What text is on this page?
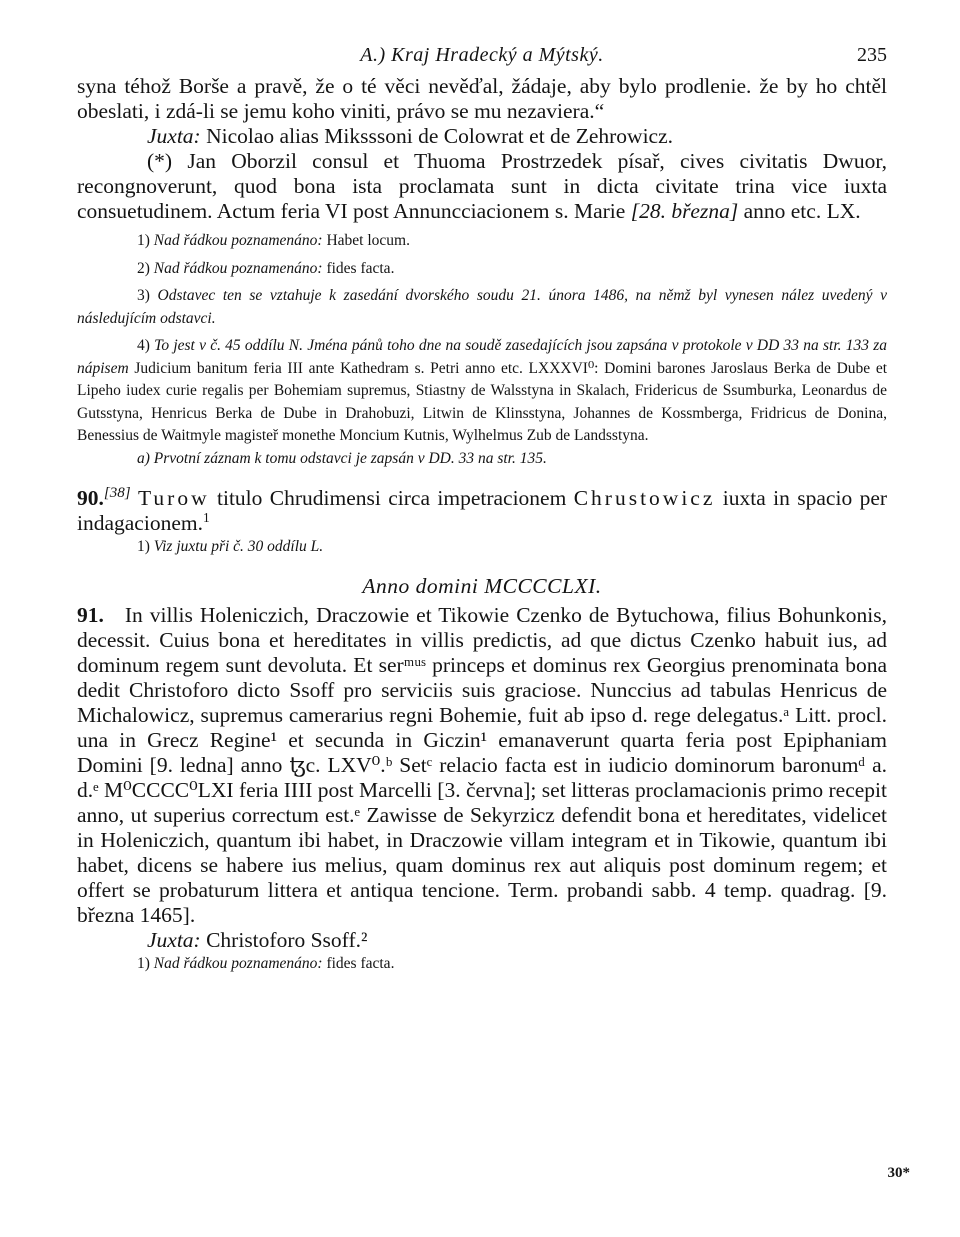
A.) Kraj Hradecký a Mýtský.	235

syna téhož Borše a pravě, že o té věci nevěďal, žádaje, aby bylo prodlenie. že by ho chtěl obeslati, i zdá-li se jemu koho viniti, právo se mu nezaviera.“

Juxta: Nicolao alias Miksssoni de Colowrat et de Zehrowicz.

(*) Jan Oborzil consul et Thuoma Prostrzedek písař, cives civitatis Dwuor, recongnoverunt, quod bona ista proclamata sunt in dicta civitate trina vice iuxta consuetudinem. Actum feria VI post Annuncciacionem s. Marie [28. března] anno etc. LX.

1) Nad řádkou poznamenáno: Habet locum.

2) Nad řádkou poznamenáno: fides facta.

3) Odstavec ten se vztahuje k zasedání dvorského soudu 21. února 1486, na němž byl vynesen nález uvedený v následujícím odstavci.

4) To jest v č. 45 oddílu N. Jména pánů toho dne na soudě zasedajících jsou zapsána v protokole v DD 33 na str. 133 za nápisem Judicium banitum feria III ante Kathedram s. Petri anno etc. LXXXVI⁰: Domini barones Jaroslaus Berka de Dube et Lipeho iudex curie regalis per Bohemiam supremus, Stiastny de Walsstyna in Skalach, Fridericus de Ssumburka, Leonardus de Gutsstyna, Henricus Berka de Dube in Drahobuzi, Litwin de Klinsstyna, Johannes de Kossmberga, Fridricus de Donina, Benessius de Waitmyle magisteř monethe Moncium Kutnis, Wylhelmus Zub de Landsstyna.

a) Prvotní záznam k tomu odstavci je zapsán v DD. 33 na str. 135.

90.[38] Turow titulo Chrudimensi circa impetracionem Chrustowicz iuxta in spacio per indagacionem.$^1$

1) Viz juxtu při č. 30 oddílu L.

Anno domini MCCCCLXI.

91. In villis Holeniczich, Draczowie et Tikowie Czenko de Bytuchowa, filius Bohunkonis, decessit. Cuius bona et hereditates in villis predictis, ad que dictus Czenko habuit ius, ad dominum regem sunt devoluta. Et serᵐᵘˢ princeps et dominus rex Georgius prenominata bona dedit Christoforo dicto Ssoff pro serviciis suis graciose. Nunccius ad tabulas Henricus de Michalowicz, supremus camerarius regni Bohemie, fuit ab ipso d. rege delegatus.ᵃ Litt. procl. una in Grecz Regine¹ et secunda in Giczin¹ emanaverunt quarta feria post Epiphaniam Domini [9. ledna] anno ꜩc. LXV⁰.ᵇ Setᶜ relacio facta est in iudicio dominorum baronumᵈ a. d.ᵉ M⁰CCCC⁰LXI feria IIII post Marcelli [3. června]; set litteras proclamacionis primo recepit anno, ut superius correctum est.ᵉ Zawisse de Sekyrzicz defendit bona et hereditates, videlicet in Holeniczich, quantum ibi habet, in Draczowie villam integram et in Tikowie, quantum ibi habet, dicens se habere ius melius, quam dominus rex aut aliquis post dominum regem; et offert se probaturum littera et antiqua tencione. Term. probandi sabb. 4 temp. quadrag. [9. března 1465].

Juxta: Christoforo Ssoff.²

1) Nad řádkou poznamenáno: fides facta.

30*
